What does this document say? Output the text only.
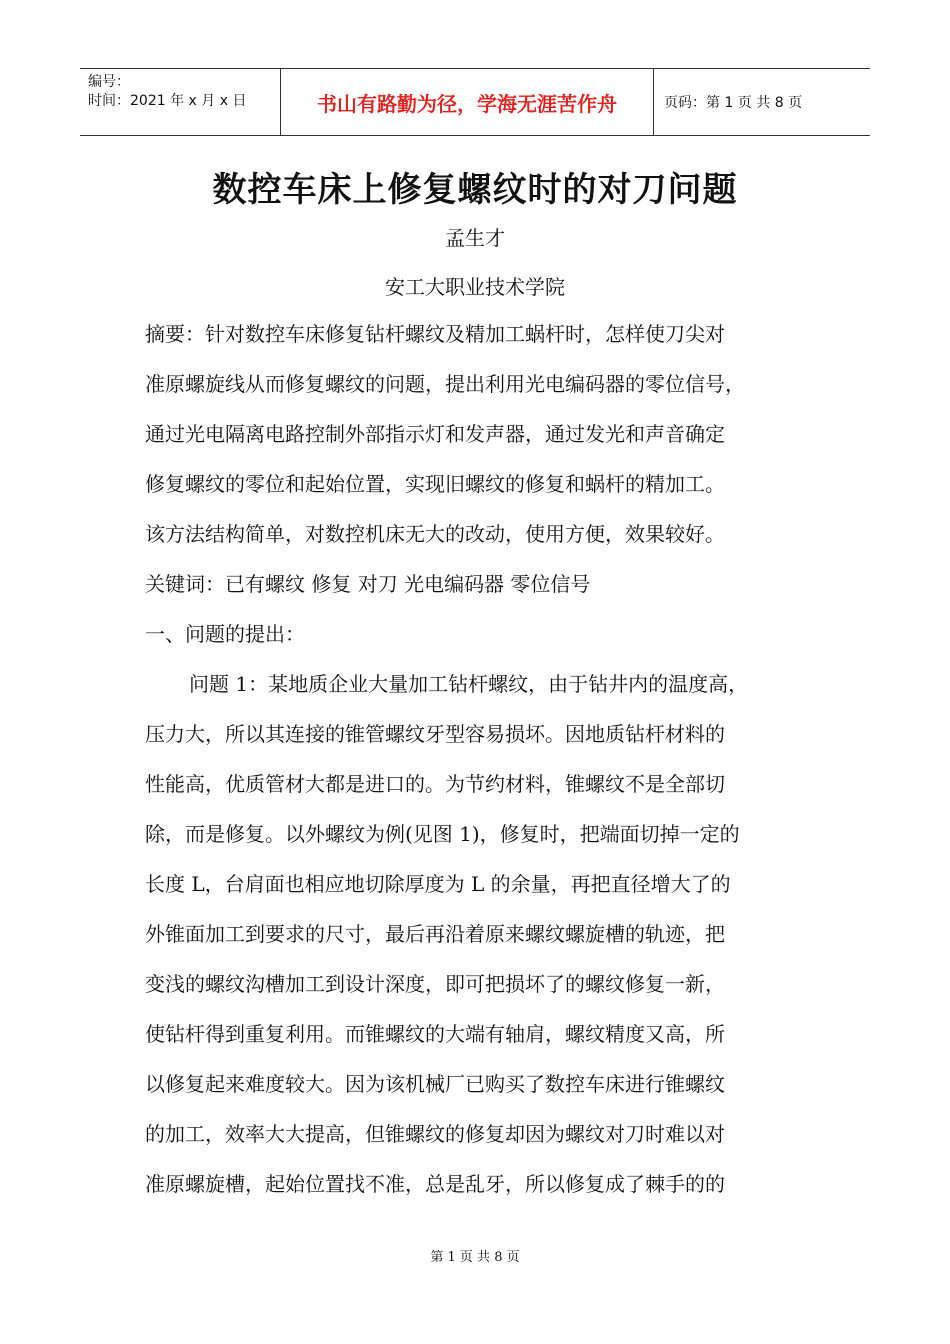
编号：
时间：2021 年 x 月 x 日	书山有路勤为径，学海无涯苦作舟	页码：第 1 页 共 8 页
数控车床上修复螺纹时的对刀问题
孟生才
安工大职业技术学院
摘要：针对数控车床修复钻杆螺纹及精加工蜗杆时，怎样使刀尖对
准原螺旋线从而修复螺纹的问题，提出利用光电编码器的零位信号，
通过光电隔离电路控制外部指示灯和发声器，通过发光和声音确定
修复螺纹的零位和起始位置，实现旧螺纹的修复和蜗杆的精加工。
该方法结构简单，对数控机床无大的改动，使用方便，效果较好。
关键词：已有螺纹 修复 对刀 光电编码器 零位信号
一、问题的提出：
问题 1：某地质企业大量加工钻杆螺纹，由于钻井内的温度高，
压力大，所以其连接的锥管螺纹牙型容易损坏。因地质钻杆材料的
性能高，优质管材大都是进口的。为节约材料，锥螺纹不是全部切
除，而是修复。以外螺纹为例(见图 1)，修复时，把端面切掉一定的
长度 L，台肩面也相应地切除厚度为 L 的余量，再把直径增大了的
外锥面加工到要求的尺寸，最后再沿着原来螺纹螺旋槽的轨迹，把
变浅的螺纹沟槽加工到设计深度，即可把损坏了的螺纹修复一新，
使钻杆得到重复利用。而锥螺纹的大端有轴肩，螺纹精度又高，所
以修复起来难度较大。因为该机械厂已购买了数控车床进行锥螺纹
的加工，效率大大提高，但锥螺纹的修复却因为螺纹对刀时难以对
准原螺旋槽，起始位置找不准，总是乱牙，所以修复成了棘手的的
第 1 页 共 8 页
